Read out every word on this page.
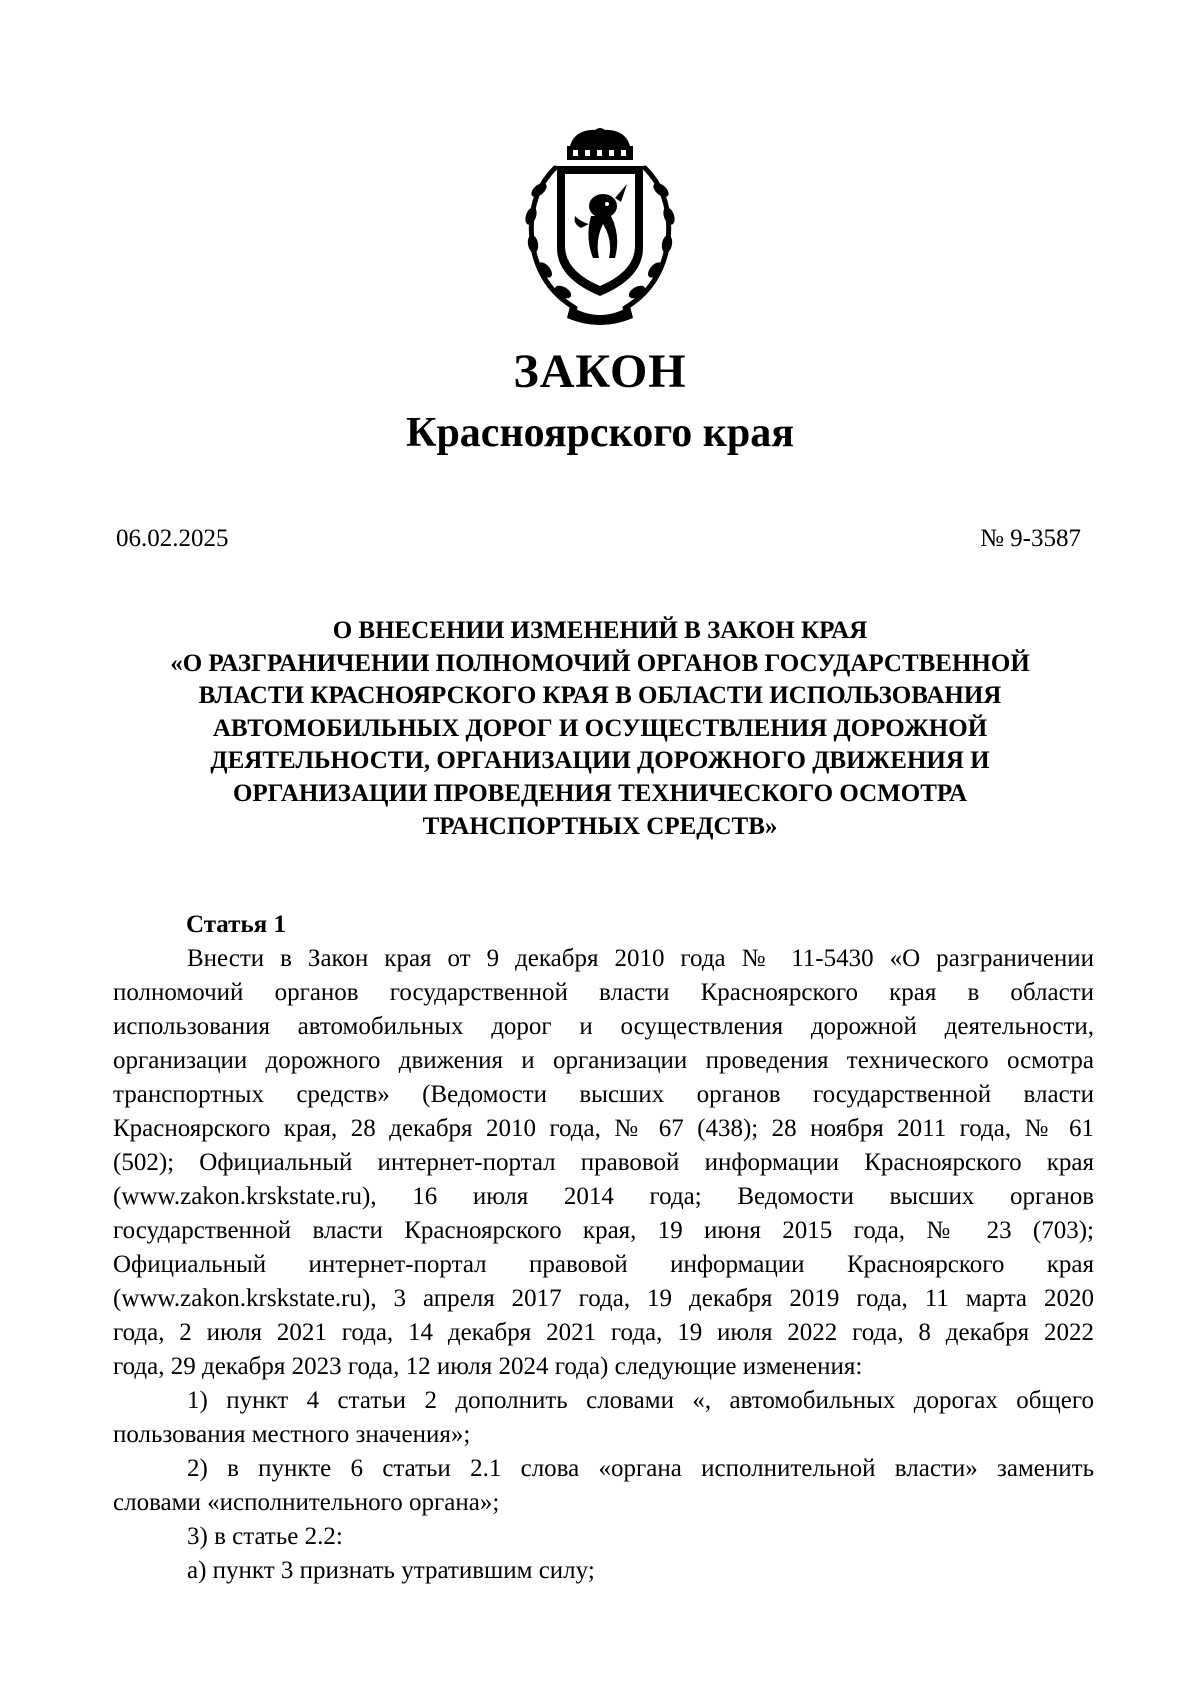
ЗАКОН
Красноярского края
06.02.2025	№ 9-3587
О ВНЕСЕНИИ ИЗМЕНЕНИЙ В ЗАКОН КРАЯ
«О РАЗГРАНИЧЕНИИ ПОЛНОМОЧИЙ ОРГАНОВ ГОСУДАРСТВЕННОЙ
ВЛАСТИ КРАСНОЯРСКОГО КРАЯ В ОБЛАСТИ ИСПОЛЬЗОВАНИЯ
АВТОМОБИЛЬНЫХ ДОРОГ И ОСУЩЕСТВЛЕНИЯ ДОРОЖНОЙ
ДЕЯТЕЛЬНОСТИ, ОРГАНИЗАЦИИ ДОРОЖНОГО ДВИЖЕНИЯ И
ОРГАНИЗАЦИИ ПРОВЕДЕНИЯ ТЕХНИЧЕСКОГО ОСМОТРА
ТРАНСПОРТНЫХ СРЕДСТВ»
Статья 1
Внести в Закон края от 9 декабря 2010 года № 11-5430 «О разграничении
полномочий органов государственной власти Красноярского края в области
использования автомобильных дорог и осуществления дорожной деятельности,
организации дорожного движения и организации проведения технического осмотра
транспортных средств» (Ведомости высших органов государственной власти
Красноярского края, 28 декабря 2010 года, № 67 (438); 28 ноября 2011 года, № 61
(502); Официальный интернет-портал правовой информации Красноярского края
(www.zakon.krskstate.ru), 16 июля 2014 года; Ведомости высших органов
государственной власти Красноярского края, 19 июня 2015 года, № 23 (703);
Официальный интернет-портал правовой информации Красноярского края
(www.zakon.krskstate.ru), 3 апреля 2017 года, 19 декабря 2019 года, 11 марта 2020
года, 2 июля 2021 года, 14 декабря 2021 года, 19 июля 2022 года, 8 декабря 2022
года, 29 декабря 2023 года, 12 июля 2024 года) следующие изменения:
1) пункт 4 статьи 2 дополнить словами «, автомобильных дорогах общего
пользования местного значения»;
2) в пункте 6 статьи 2.1 слова «органа исполнительной власти» заменить
словами «исполнительного органа»;
3) в статье 2.2:
а) пункт 3 признать утратившим силу;
